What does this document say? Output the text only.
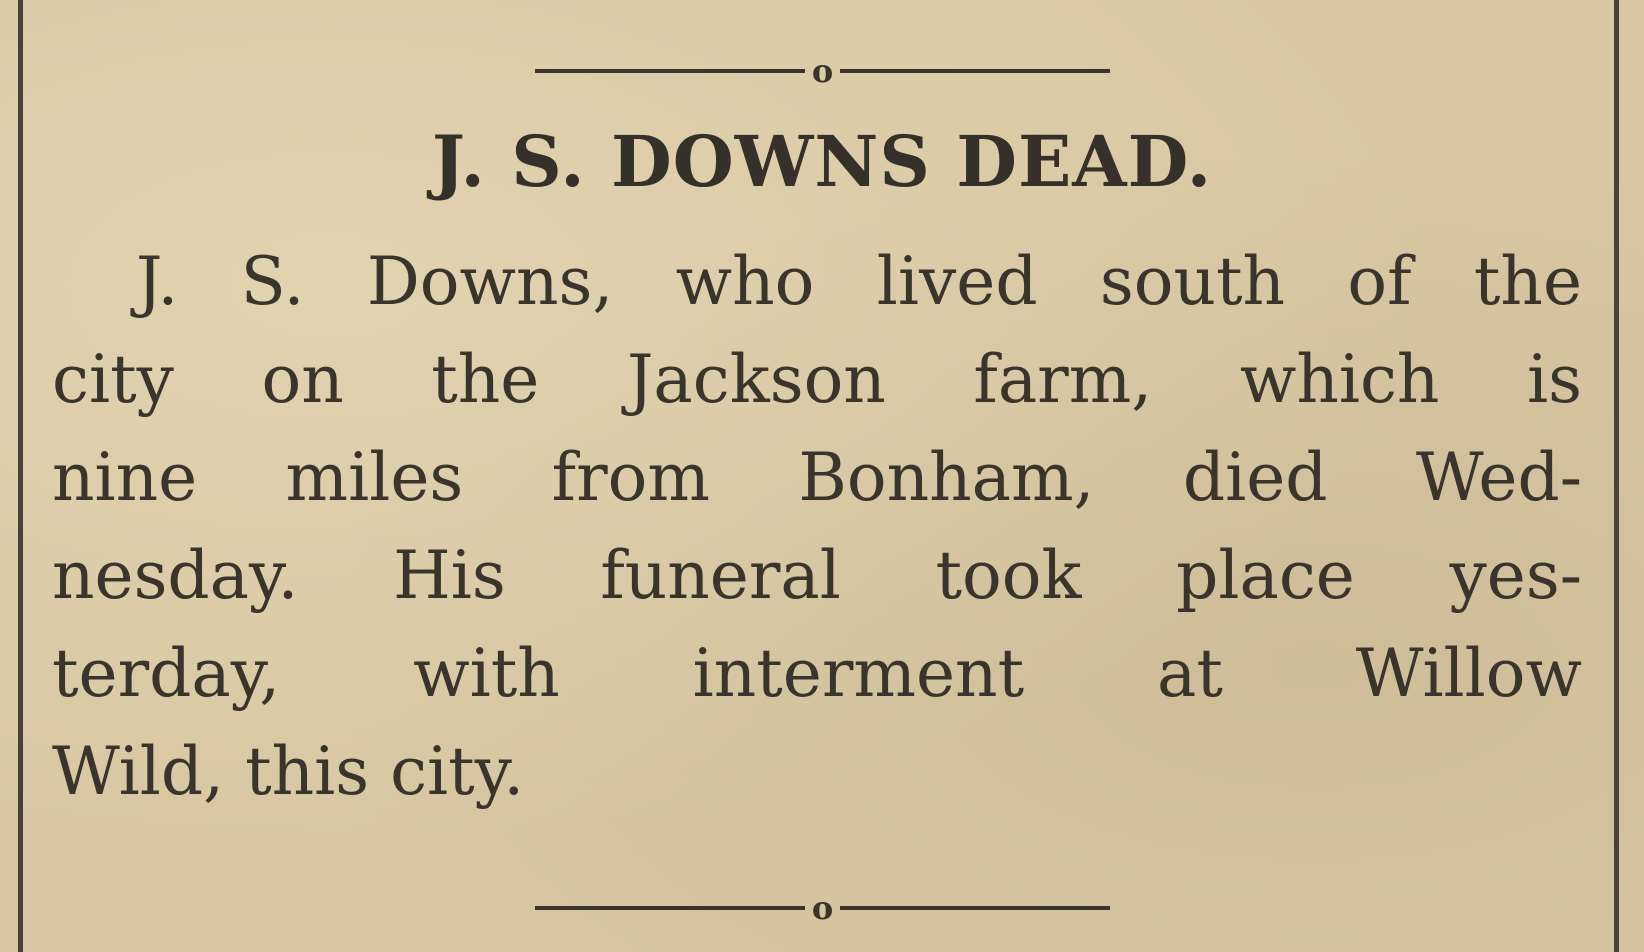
o
J. S. DOWNS DEAD.
J. S. Downs, who lived south of the
city on the Jackson farm, which is
nine miles from Bonham, died Wed-
nesday. His funeral took place yes-
terday, with interment at Willow
Wild, this city.
o
